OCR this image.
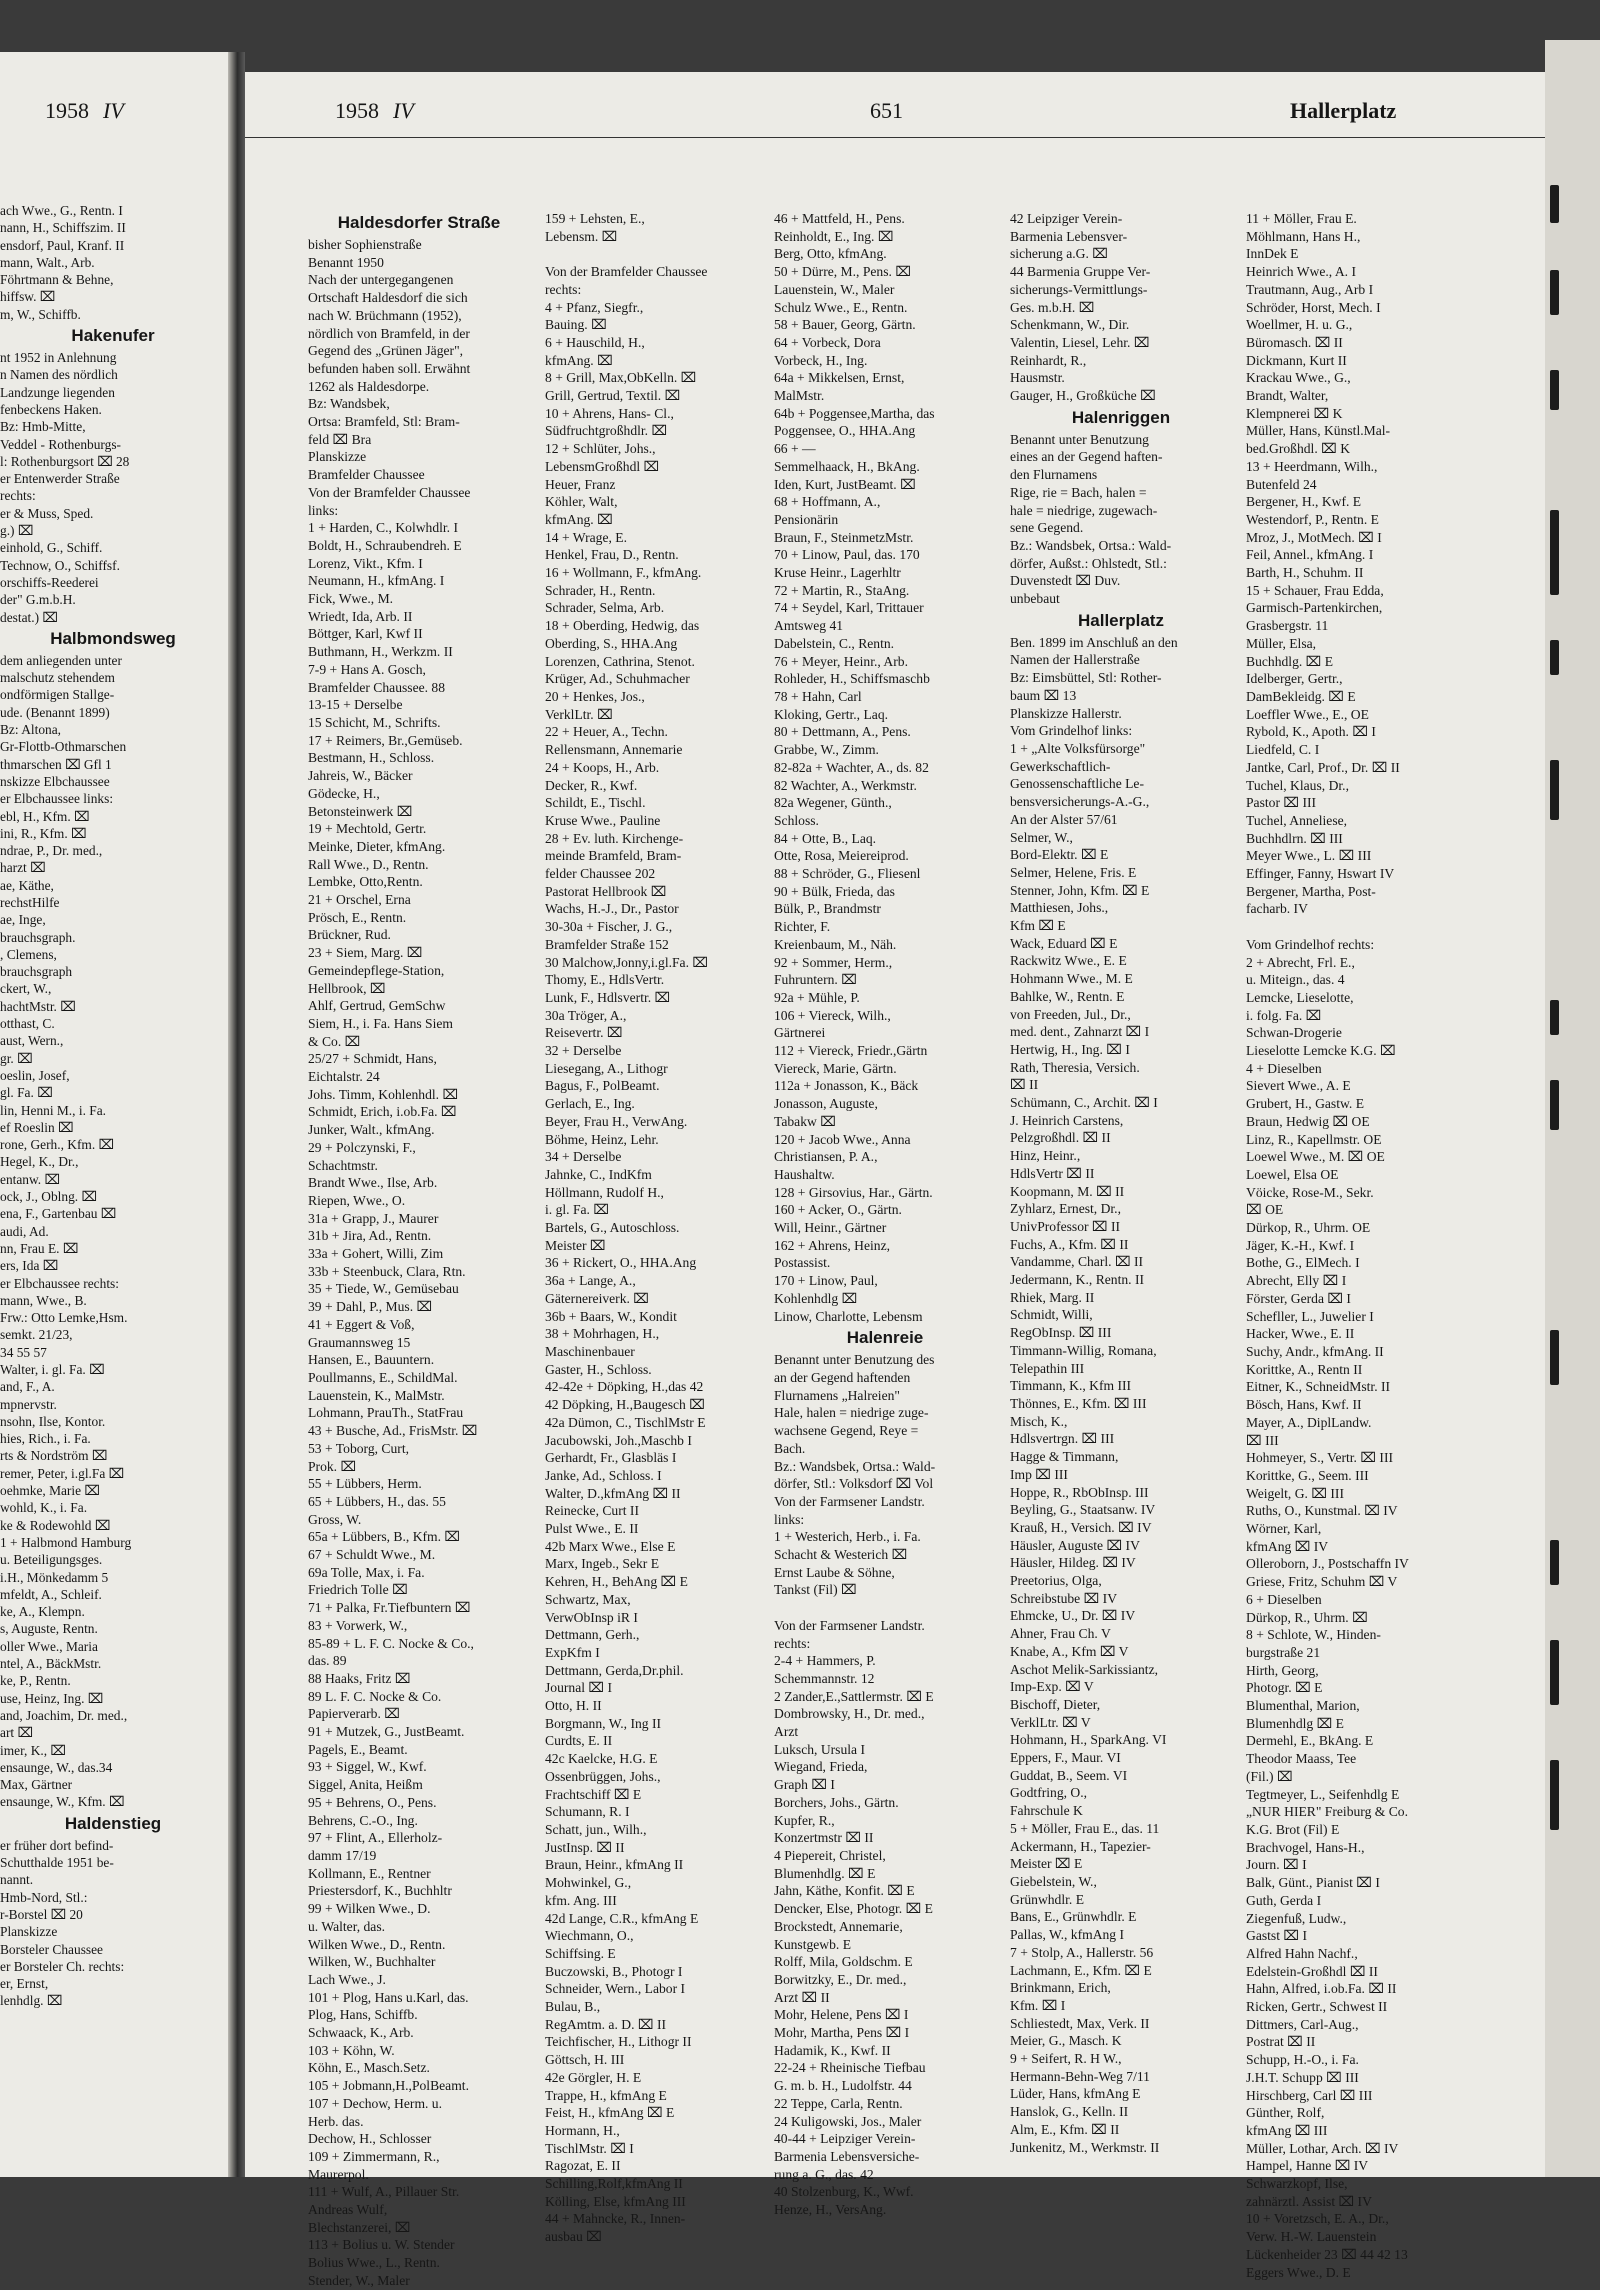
1958 IV	1958 IV	651	Hallerplatz
ach Wwe., G., Rentn. I
nann, H., Schiffszim. II
ensdorf, Paul, Kranf. II
mann, Walt., Arb.
Föhrtmann & Behne,
hiffsw. ⌧
m, W., Schiffb.
Hakenufer
nt 1952 in Anlehnung
n Namen des nördlich
Landzunge liegenden
fenbeckens Haken.
Bz: Hmb-Mitte,
Veddel - Rothenburgs-
l: Rothenburgsort ⌧ 28
er Entenwerder Straße
rechts:
er & Muss, Sped.
g.) ⌧
einhold, G., Schiff.
Technow, O., Schiffsf.
orschiffs-Reederei
der" G.m.b.H.
destat.) ⌧
Halbmondsweg
dem anliegenden unter
malschutz stehendem
ondförmigen Stallge-
ude. (Benannt 1899)
Bz: Altona,
Gr-Flottb-Othmarschen
thmarschen ⌧ Gfl 1
nskizze Elbchaussee
er Elbchaussee links:
ebl, H., Kfm. ⌧
ini, R., Kfm. ⌧
ndrae, P., Dr. med.,
harzt ⌧
ae, Käthe,
rechstHilfe
ae, Inge,
brauchsgraph.
, Clemens,
brauchsgraph
ckert, W.,
hachtMstr. ⌧
otthast, C.
aust, Wern.,
gr. ⌧
oeslin, Josef,
gl. Fa. ⌧
lin, Henni M., i. Fa.
ef Roeslin ⌧
rone, Gerh., Kfm. ⌧
Hegel, K., Dr.,
entanw. ⌧
ock, J., Oblng. ⌧
ena, F., Gartenbau ⌧
audi, Ad.
nn, Frau E. ⌧
ers, Ida ⌧
er Elbchaussee rechts:
mann, Wwe., B.
Frw.: Otto Lemke,Hsm.
semkt. 21/23,
34 55 57
Walter, i. gl. Fa. ⌧
and, F., A.
mpnervstr.
nsohn, Ilse, Kontor.
hies, Rich., i. Fa.
rts & Nordström ⌧
remer, Peter, i.gl.Fa ⌧
oehmke, Marie ⌧
wohld, K., i. Fa.
ke & Rodewohld ⌧
1 + Halbmond Hamburg
u. Beteiligungsges.
i.H., Mönkedamm 5
mfeldt, A., Schleif.
ke, A., Klempn.
s, Auguste, Rentn.
oller Wwe., Maria
ntel, A., BäckMstr.
ke, P., Rentn.
use, Heinz, Ing. ⌧
and, Joachim, Dr. med.,
art ⌧
imer, K., ⌧
ensaunge, W., das.34
Max, Gärtner
ensaunge, W., Kfm. ⌧
Haldenstieg
er früher dort befind-
Schutthalde 1951 be-
nannt.
Hmb-Nord, Stl.:
r-Borstel ⌧ 20
Planskizze
Borsteler Chaussee
er Borsteler Ch. rechts:
er, Ernst,
lenhdlg. ⌧
Haldesdorfer Straße
bisher Sophienstraße
Benannt 1950
Nach der untergegangenen
Ortschaft Haldesdorf die sich
nach W. Brüchmann (1952),
nördlich von Bramfeld, in der
Gegend des „Grünen Jäger",
befunden haben soll. Erwähnt
1262 als Haldesdorpe.
Bz: Wandsbek,
Ortsa: Bramfeld, Stl: Bram-
feld ⌧ Bra
Planskizze
Bramfelder Chaussee
Von der Bramfelder Chaussee
links:
1 + Harden, C., Kolwhdlr. I
Boldt, H., Schraubendreh. E
Lorenz, Vikt., Kfm. I
Neumann, H., kfmAng. I
Fick, Wwe., M.
Wriedt, Ida, Arb. II
Böttger, Karl, Kwf II
Buthmann, H., Werkzm. II
7-9 + Hans A. Gosch,
Bramfelder Chaussee. 88
13-15 + Derselbe
15 Schicht, M., Schrifts.
17 + Reimers, Br.,Gemüseb.
Bestmann, H., Schloss.
Jahreis, W., Bäcker
Gödecke, H.,
Betonsteinwerk ⌧
19 + Mechtold, Gertr.
Meinke, Dieter, kfmAng.
Rall Wwe., D., Rentn.
Lembke, Otto,Rentn.
21 + Orschel, Erna
Prösch, E., Rentn.
Brückner, Rud.
23 + Siem, Marg. ⌧
Gemeindepflege-Station,
Hellbrook, ⌧
Ahlf, Gertrud, GemSchw
Siem, H., i. Fa. Hans Siem
& Co. ⌧
25/27 + Schmidt, Hans,
Eichtalstr. 24
Johs. Timm, Kohlenhdl. ⌧
Schmidt, Erich, i.ob.Fa. ⌧
Junker, Walt., kfmAng.
29 + Polczynski, F.,
Schachtmstr.
Brandt Wwe., Ilse, Arb.
Riepen, Wwe., O.
31a + Grapp, J., Maurer
31b + Jira, Ad., Rentn.
33a + Gohert, Willi, Zim
33b + Steenbuck, Clara, Rtn.
35 + Tiede, W., Gemüsebau
39 + Dahl, P., Mus. ⌧
41 + Eggert & Voß,
Graumannsweg 15
Hansen, E., Bauuntern.
Poullmanns, E., SchildMal.
Lauenstein, K., MalMstr.
Lohmann, PrauTh., StatFrau
43 + Busche, Ad., FrisMstr. ⌧
53 + Toborg, Curt,
Prok. ⌧
55 + Lübbers, Herm.
65 + Lübbers, H., das. 55
Gross, W.
65a + Lübbers, B., Kfm. ⌧
67 + Schuldt Wwe., M.
69a Tolle, Max, i. Fa.
Friedrich Tolle ⌧
71 + Palka, Fr.Tiefbuntern ⌧
83 + Vorwerk, W.,
85-89 + L. F. C. Nocke & Co.,
das. 89
88 Haaks, Fritz ⌧
89 L. F. C. Nocke & Co.
Papierverarb. ⌧
91 + Mutzek, G., JustBeamt.
Pagels, E., Beamt.
93 + Siggel, W., Kwf.
Siggel, Anita, Heißm
95 + Behrens, O., Pens.
Behrens, C.-O., Ing.
97 + Flint, A., Ellerholz-
damm 17/19
Kollmann, E., Rentner
Priestersdorf, K., Buchhltr
99 + Wilken Wwe., D.
u. Walter, das.
Wilken Wwe., D., Rentn.
Wilken, W., Buchhalter
Lach Wwe., J.
101 + Plog, Hans u.Karl, das.
Plog, Hans, Schiffb.
Schwaack, K., Arb.
103 + Köhn, W.
Köhn, E., Masch.Setz.
105 + Jobmann,H.,PolBeamt.
107 + Dechow, Herm. u.
Herb. das.
Dechow, H., Schlosser
109 + Zimmermann, R.,
Maurerpol.
111 + Wulf, A., Pillauer Str.
Andreas Wulf,
Blechstanzerei, ⌧
113 + Bolius u. W. Stender
Bolius Wwe., L., Rentn.
Stender, W., Maler
159 + Lehsten, E.,
Lebensm. ⌧

Von der Bramfelder Chaussee
rechts:
4 + Pfanz, Siegfr.,
Bauing. ⌧
6 + Hauschild, H.,
kfmAng. ⌧
8 + Grill, Max,ObKelln. ⌧
Grill, Gertrud, Textil. ⌧
10 + Ahrens, Hans- Cl.,
Südfruchtgroßhdlr. ⌧
12 + Schlüter, Johs.,
LebensmGroßhdl ⌧
Heuer, Franz
Köhler, Walt,
kfmAng. ⌧
14 + Wrage, E.
Henkel, Frau, D., Rentn.
16 + Wollmann, F., kfmAng.
Schrader, H., Rentn.
Schrader, Selma, Arb.
18 + Oberding, Hedwig, das
Oberding, S., HHA.Ang
Lorenzen, Cathrina, Stenot.
Krüger, Ad., Schuhmacher
20 + Henkes, Jos.,
VerklLtr. ⌧
22 + Heuer, A., Techn.
Rellensmann, Annemarie
24 + Koops, H., Arb.
Decker, R., Kwf.
Schildt, E., Tischl.
Kruse Wwe., Pauline
28 + Ev. luth. Kirchenge-
meinde Bramfeld, Bram-
felder Chaussee 202
Pastorat Hellbrook ⌧
Wachs, H.-J., Dr., Pastor
30-30a + Fischer, J. G.,
Bramfelder Straße 152
30 Malchow,Jonny,i.gl.Fa. ⌧
Thomy, E., HdlsVertr.
Lunk, F., Hdlsvertr. ⌧
30a Tröger, A.,
Reisevertr. ⌧
32 + Derselbe
Liesegang, A., Lithogr
Bagus, F., PolBeamt.
Gerlach, E., Ing.
Beyer, Frau H., VerwAng.
Böhme, Heinz, Lehr.
34 + Derselbe
Jahnke, C., IndKfm
Höllmann, Rudolf H.,
i. gl. Fa. ⌧
Bartels, G., Autoschloss.
Meister ⌧
36 + Rickert, O., HHA.Ang
36a + Lange, A.,
Gäternereiverk. ⌧
36b + Baars, W., Kondit
38 + Mohrhagen, H.,
Maschinenbauer
Gaster, H., Schloss.
42-42e + Döpking, H.,das 42
42 Döpking, H.,Baugesch ⌧
42a Dümon, C., TischlMstr E
Jacubowski, Joh.,Maschb I
Gerhardt, Fr., Glasbläs I
Janke, Ad., Schloss. I
Walter, D.,kfmAng ⌧ II
Reinecke, Curt II
Pulst Wwe., E. II
42b Marx Wwe., Else E
Marx, Ingeb., Sekr E
Kehren, H., BehAng ⌧ E
Schwartz, Max,
VerwObInsp iR I
Dettmann, Gerh.,
ExpKfm I
Dettmann, Gerda,Dr.phil.
Journal ⌧ I
Otto, H. II
Borgmann, W., Ing II
Curdts, E. II
42c Kaelcke, H.G. E
Ossenbrüggen, Johs.,
Frachtschiff ⌧ E
Schumann, R. I
Schatt, jun., Wilh.,
JustInsp. ⌧ II
Braun, Heinr., kfmAng II
Mohwinkel, G.,
kfm. Ang. III
42d Lange, C.R., kfmAng E
Wiechmann, O.,
Schiffsing. E
Buczowski, B., Photogr I
Schneider, Wern., Labor I
Bulau, B.,
RegAmtm. a. D. ⌧ II
Teichfischer, H., Lithogr II
Göttsch, H. III
42e Görgler, H. E
Trappe, H., kfmAng E
Feist, H., kfmAng ⌧ E
Hormann, H.,
TischlMstr. ⌧ I
Ragozat, E. II
Schilling,Rolf,kfmAng II
Kölling, Else, kfmAng III
44 + Mahncke, R., Innen-
ausbau ⌧
46 + Mattfeld, H., Pens.
Reinholdt, E., Ing. ⌧
Berg, Otto, kfmAng.
50 + Dürre, M., Pens. ⌧
Lauenstein, W., Maler
Schulz Wwe., E., Rentn.
58 + Bauer, Georg, Gärtn.
64 + Vorbeck, Dora
Vorbeck, H., Ing.
64a + Mikkelsen, Ernst,
MalMstr.
64b + Poggensee,Martha, das
Poggensee, O., HHA.Ang
66 + —
Semmelhaack, H., BkAng.
Iden, Kurt, JustBeamt. ⌧
68 + Hoffmann, A.,
Pensionärin
Braun, F., SteinmetzMstr.
70 + Linow, Paul, das. 170
Kruse Heinr., Lagerhltr
72 + Martin, R., StaAng.
74 + Seydel, Karl, Trittauer
Amtsweg 41
Dabelstein, C., Rentn.
76 + Meyer, Heinr., Arb.
Rohleder, H., Schiffsmaschb
78 + Hahn, Carl
Kloking, Gertr., Laq.
80 + Dettmann, A., Pens.
Grabbe, W., Zimm.
82-82a + Wachter, A., ds. 82
82 Wachter, A., Werkmstr.
82a Wegener, Günth.,
Schloss.
84 + Otte, B., Laq.
Otte, Rosa, Meiereiprod.
88 + Schröder, G., Fliesenl
90 + Bülk, Frieda, das
Bülk, P., Brandmstr
Richter, F.
Kreienbaum, M., Näh.
92 + Sommer, Herm.,
Fuhruntern. ⌧
92a + Mühle, P.
106 + Viereck, Wilh.,
Gärtnerei
112 + Viereck, Friedr.,Gärtn
Viereck, Marie, Gärtn.
112a + Jonasson, K., Bäck
Jonasson, Auguste,
Tabakw ⌧
120 + Jacob Wwe., Anna
Christiansen, P. A.,
Haushaltw.
128 + Girsovius, Har., Gärtn.
160 + Acker, O., Gärtn.
Will, Heinr., Gärtner
162 + Ahrens, Heinz,
Postassist.
170 + Linow, Paul,
Kohlenhdlg ⌧
Linow, Charlotte, Lebensm
Halenreie
Benannt unter Benutzung des
an der Gegend haftenden
Flurnamens „Halreien"
Hale, halen = niedrige zuge-
wachsene Gegend, Reye =
Bach.
Bz.: Wandsbek, Ortsa.: Wald-
dörfer, Stl.: Volksdorf ⌧ Vol
Von der Farmsener Landstr.
links:
1 + Westerich, Herb., i. Fa.
Schacht & Westerich ⌧
Ernst Laube & Söhne,
Tankst (Fil) ⌧

Von der Farmsener Landstr.
rechts:
2-4 + Hammers, P.
Schemmannstr. 12
2 Zander,E.,Sattlermstr. ⌧ E
Dombrowsky, H., Dr. med.,
Arzt
Luksch, Ursula I
Wiegand, Frieda,
Graph ⌧ I
Borchers, Johs., Gärtn.
Kupfer, R.,
Konzertmstr ⌧ II
4 Piepereit, Christel,
Blumenhdlg. ⌧ E
Jahn, Käthe, Konfit. ⌧ E
Dencker, Else, Photogr. ⌧ E
Brockstedt, Annemarie,
Kunstgewb. E
Rolff, Mila, Goldschm. E
Borwitzky, E., Dr. med.,
Arzt ⌧ II
Mohr, Helene, Pens ⌧ I
Mohr, Martha, Pens ⌧ I
Hadamik, K., Kwf. II
22-24 + Rheinische Tiefbau
G. m. b. H., Ludolfstr. 44
22 Teppe, Carla, Rentn.
24 Kuligowski, Jos., Maler
40-44 + Leipziger Verein-
Barmenia Lebensversiche-
rung a. G., das. 42
40 Stolzenburg, K., Wwf.
Henze, H., VersAng.
42 Leipziger Verein-
Barmenia Lebensver-
sicherung a.G. ⌧
44 Barmenia Gruppe Ver-
sicherungs-Vermittlungs-
Ges. m.b.H. ⌧
Schenkmann, W., Dir.
Valentin, Liesel, Lehr. ⌧
Reinhardt, R.,
Hausmstr.
Gauger, H., Großküche ⌧
Halenriggen
Benannt unter Benutzung
eines an der Gegend haften-
den Flurnamens
Rige, rie = Bach, halen =
hale = niedrige, zugewach-
sene Gegend.
Bz.: Wandsbek, Ortsa.: Wald-
dörfer, Außst.: Ohlstedt, Stl.:
Duvenstedt ⌧ Duv.
unbebaut
Hallerplatz
Ben. 1899 im Anschluß an den
Namen der Hallerstraße
Bz: Eimsbüttel, Stl: Rother-
baum ⌧ 13
Planskizze Hallerstr.
Vom Grindelhof links:
1 + „Alte Volksfürsorge"
Gewerkschaftlich-
Genossenschaftliche Le-
bensversicherungs-A.-G.,
An der Alster 57/61
Selmer, W.,
Bord-Elektr. ⌧ E
Selmer, Helene, Fris. E
Stenner, John, Kfm. ⌧ E
Matthiesen, Johs.,
Kfm ⌧ E
Wack, Eduard ⌧ E
Rackwitz Wwe., E. E
Hohmann Wwe., M. E
Bahlke, W., Rentn. E
von Freeden, Jul., Dr.,
med. dent., Zahnarzt ⌧ I
Hertwig, H., Ing. ⌧ I
Rath, Theresia, Versich.
⌧ II
Schümann, C., Archit. ⌧ I
J. Heinrich Carstens,
Pelzgroßhdl. ⌧ II
Hinz, Heinr.,
HdlsVertr ⌧ II
Koopmann, M. ⌧ II
Zyhlarz, Ernest, Dr.,
UnivProfessor ⌧ II
Fuchs, A., Kfm. ⌧ II
Vandamme, Charl. ⌧ II
Jedermann, K., Rentn. II
Rhiek, Marg. II
Schmidt, Willi,
RegObInsp. ⌧ III
Timmann-Willig, Romana,
Telepathin III
Timmann, K., Kfm III
Thönnes, E., Kfm. ⌧ III
Misch, K.,
Hdlsvertrgn. ⌧ III
Hagge & Timmann,
Imp ⌧ III
Hoppe, R., RbObInsp. III
Beyling, G., Staatsanw. IV
Krauß, H., Versich. ⌧ IV
Häusler, Auguste ⌧ IV
Häusler, Hildeg. ⌧ IV
Preetorius, Olga,
Schreibstube ⌧ IV
Ehmcke, U., Dr. ⌧ IV
Ahner, Frau Ch. V
Knabe, A., Kfm ⌧ V
Aschot Melik-Sarkissiantz,
Imp-Exp. ⌧ V
Bischoff, Dieter,
VerklLtr. ⌧ V
Hohmann, H., SparkAng. VI
Eppers, F., Maur. VI
Guddat, B., Seem. VI
Godtfring, O.,
Fahrschule K
5 + Möller, Frau E., das. 11
Ackermann, H., Tapezier-
Meister ⌧ E
Giebelstein, W.,
Grünwhdlr. E
Bans, E., Grünwhdlr. E
Pallas, W., kfmAng I
7 + Stolp, A., Hallerstr. 56
Lachmann, E., Kfm. ⌧ E
Brinkmann, Erich,
Kfm. ⌧ I
Schliestedt, Max, Verk. II
Meier, G., Masch. K
9 + Seifert, R. H W.,
Hermann-Behn-Weg 7/11
Lüder, Hans, kfmAng E
Hanslok, G., Kelln. II
Alm, E., Kfm. ⌧ II
Junkenitz, M., Werkmstr. II
11 + Möller, Frau E.
Möhlmann, Hans H.,
InnDek E
Heinrich Wwe., A. I
Trautmann, Aug., Arb I
Schröder, Horst, Mech. I
Woellmer, H. u. G.,
Büromasch. ⌧ II
Dickmann, Kurt II
Krackau Wwe., G.,
Brandt, Walter,
Klempnerei ⌧ K
Müller, Hans, Künstl.Mal-
bed.Großhdl. ⌧ K
13 + Heerdmann, Wilh.,
Butenfeld 24
Bergener, H., Kwf. E
Westendorf, P., Rentn. E
Mroz, J., MotMech. ⌧ I
Feil, Annel., kfmAng. I
Barth, H., Schuhm. II
15 + Schauer, Frau Edda,
Garmisch-Partenkirchen,
Grasbergstr. 11
Müller, Elsa,
Buchhdlg. ⌧ E
Idelberger, Gertr.,
DamBekleidg. ⌧ E
Loeffler Wwe., E., OE
Rybold, K., Apoth. ⌧ I
Liedfeld, C. I
Jantke, Carl, Prof., Dr. ⌧ II
Tuchel, Klaus, Dr.,
Pastor ⌧ III
Tuchel, Anneliese,
Buchhdlrn. ⌧ III
Meyer Wwe., L. ⌧ III
Effinger, Fanny, Hswart IV
Bergener, Martha, Post-
facharb. IV

Vom Grindelhof rechts:
2 + Abrecht, Frl. E.,
u. Miteign., das. 4
Lemcke, Lieselotte,
i. folg. Fa. ⌧
Schwan-Drogerie
Lieselotte Lemcke K.G. ⌧
4 + Dieselben
Sievert Wwe., A. E
Grubert, H., Gastw. E
Braun, Hedwig ⌧ OE
Linz, R., Kapellmstr. OE
Loewel Wwe., M. ⌧ OE
Loewel, Elsa OE
Vöicke, Rose-M., Sekr.
⌧ OE
Dürkop, R., Uhrm. OE
Jäger, K.-H., Kwf. I
Bothe, G., ElMech. I
Abrecht, Elly ⌧ I
Förster, Gerda ⌧ I
Schefller, L., Juwelier I
Hacker, Wwe., E. II
Suchy, Andr., kfmAng. II
Korittke, A., Rentn II
Eitner, K., SchneidMstr. II
Bösch, Hans, Kwf. II
Mayer, A., DiplLandw.
⌧ III
Hohmeyer, S., Vertr. ⌧ III
Korittke, G., Seem. III
Weigelt, G. ⌧ III
Ruths, O., Kunstmal. ⌧ IV
Wörner, Karl,
kfmAng ⌧ IV
Olleroborn, J., Postschaffn IV
Griese, Fritz, Schuhm ⌧ V
6 + Dieselben
Dürkop, R., Uhrm. ⌧
8 + Schlote, W., Hinden-
burgstraße 21
Hirth, Georg,
Photogr. ⌧ E
Blumenthal, Marion,
Blumenhdlg ⌧ E
Dermehl, E., BkAng. E
Theodor Maass, Tee
(Fil.) ⌧
Tegtmeyer, L., Seifenhdlg E
„NUR HIER" Freiburg & Co.
K.G. Brot (Fil) E
Brachvogel, Hans-H.,
Journ. ⌧ I
Balk, Günt., Pianist ⌧ I
Guth, Gerda I
Ziegenfuß, Ludw.,
Gastst ⌧ I
Alfred Hahn Nachf.,
Edelstein-Großhdl ⌧ II
Hahn, Alfred, i.ob.Fa. ⌧ II
Ricken, Gertr., Schwest II
Dittmers, Carl-Aug.,
Postrat ⌧ II
Schupp, H.-O., i. Fa.
J.H.T. Schupp ⌧ III
Hirschberg, Carl ⌧ III
Günther, Rolf,
kfmAng ⌧ III
Müller, Lothar, Arch. ⌧ IV
Hampel, Hanne ⌧ IV
Schwarzkopf, Ilse,
zahnärztl. Assist ⌧ IV
10 + Voretzsch, E. A., Dr.,
Verw. H.-W. Lauenstein
Lückenheider 23 ⌧ 44 42 13
Eggers Wwe., D. E
